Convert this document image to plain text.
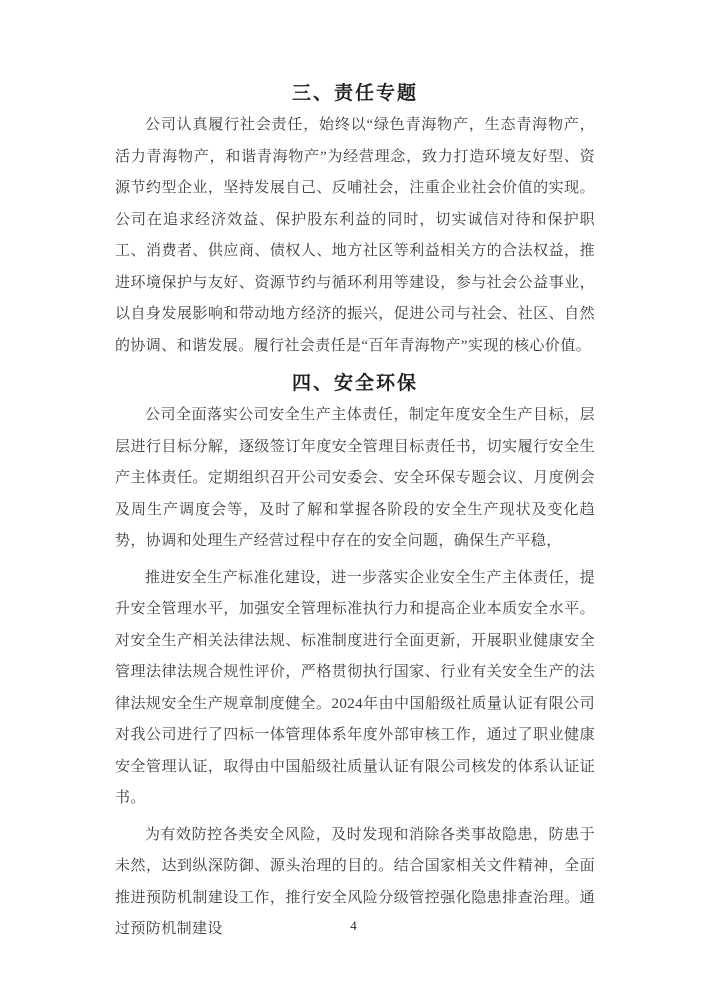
三、责任专题

公司认真履行社会责任，始终以“绿色青海物产，生态青海物产，活力青海物产，和谐青海物产”为经营理念，致力打造环境友好型、资源节约型企业，坚持发展自己、反哺社会，注重企业社会价值的实现。公司在追求经济效益、保护股东利益的同时，切实诚信对待和保护职工、消费者、供应商、债权人、地方社区等利益相关方的合法权益，推进环境保护与友好、资源节约与循环利用等建设，参与社会公益事业，以自身发展影响和带动地方经济的振兴，促进公司与社会、社区、自然的协调、和谐发展。履行社会责任是“百年青海物产”实现的核心价值。

四、安全环保

公司全面落实公司安全生产主体责任，制定年度安全生产目标，层层进行目标分解，逐级签订年度安全管理目标责任书，切实履行安全生产主体责任。定期组织召开公司安委会、安全环保专题会议、月度例会及周生产调度会等，及时了解和掌握各阶段的安全生产现状及变化趋势，协调和处理生产经营过程中存在的安全问题，确保生产平稳，

推进安全生产标准化建设，进一步落实企业安全生产主体责任，提升安全管理水平，加强安全管理标准执行力和提高企业本质安全水平。对安全生产相关法律法规、标准制度进行全面更新，开展职业健康安全管理法律法规合规性评价，严格贯彻执行国家、行业有关安全生产的法律法规安全生产规章制度健全。2024年由中国船级社质量认证有限公司对我公司进行了四标一体管理体系年度外部审核工作，通过了职业健康安全管理认证，取得由中国船级社质量认证有限公司核发的体系认证证书。

为有效防控各类安全风险，及时发现和消除各类事故隐患，防患于未然，达到纵深防御、源头治理的目的。结合国家相关文件精神，全面推进预防机制建设工作，推行安全风险分级管控强化隐患排查治理。通过预防机制建设	4
